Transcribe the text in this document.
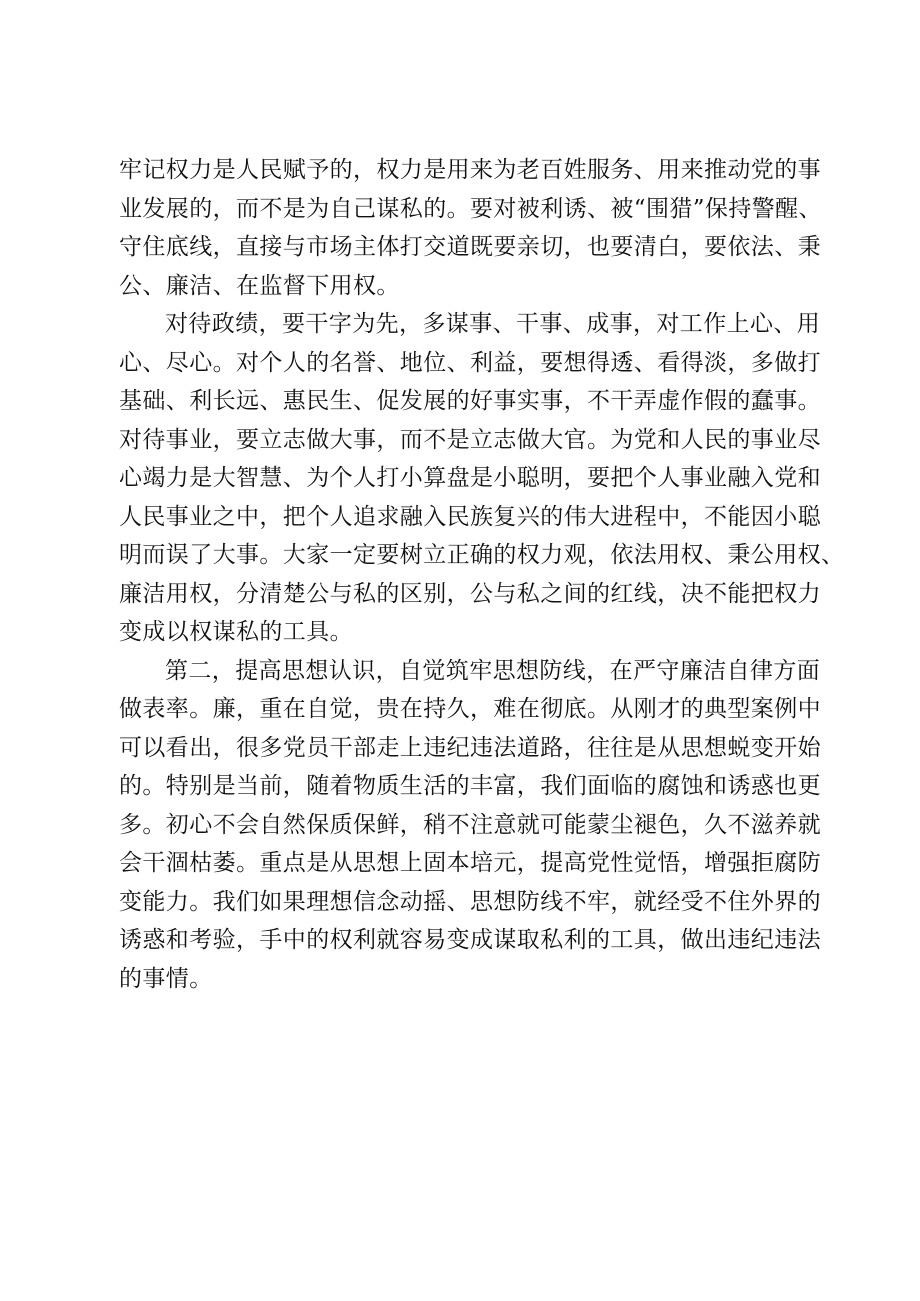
牢记权力是人民赋予的，权力是用来为老百姓服务、用来推动党的事
业发展的，而不是为自己谋私的。要对被利诱、被“围猎”保持警醒、
守住底线，直接与市场主体打交道既要亲切，也要清白，要依法、秉
公、廉洁、在监督下用权。
对待政绩，要干字为先，多谋事、干事、成事，对工作上心、用
心、尽心。对个人的名誉、地位、利益，要想得透、看得淡，多做打
基础、利长远、惠民生、促发展的好事实事，不干弄虚作假的蠢事。
对待事业，要立志做大事，而不是立志做大官。为党和人民的事业尽
心竭力是大智慧、为个人打小算盘是小聪明，要把个人事业融入党和
人民事业之中，把个人追求融入民族复兴的伟大进程中，不能因小聪
明而误了大事。大家一定要树立正确的权力观，依法用权、秉公用权、
廉洁用权，分清楚公与私的区别，公与私之间的红线，决不能把权力
变成以权谋私的工具。
第二，提高思想认识，自觉筑牢思想防线，在严守廉洁自律方面
做表率。廉，重在自觉，贵在持久，难在彻底。从刚才的典型案例中
可以看出，很多党员干部走上违纪违法道路，往往是从思想蜕变开始
的。特别是当前，随着物质生活的丰富，我们面临的腐蚀和诱惑也更
多。初心不会自然保质保鲜，稍不注意就可能蒙尘褪色，久不滋养就
会干涸枯萎。重点是从思想上固本培元，提高党性觉悟，增强拒腐防
变能力。我们如果理想信念动摇、思想防线不牢，就经受不住外界的
诱惑和考验，手中的权利就容易变成谋取私利的工具，做出违纪违法
的事情。
